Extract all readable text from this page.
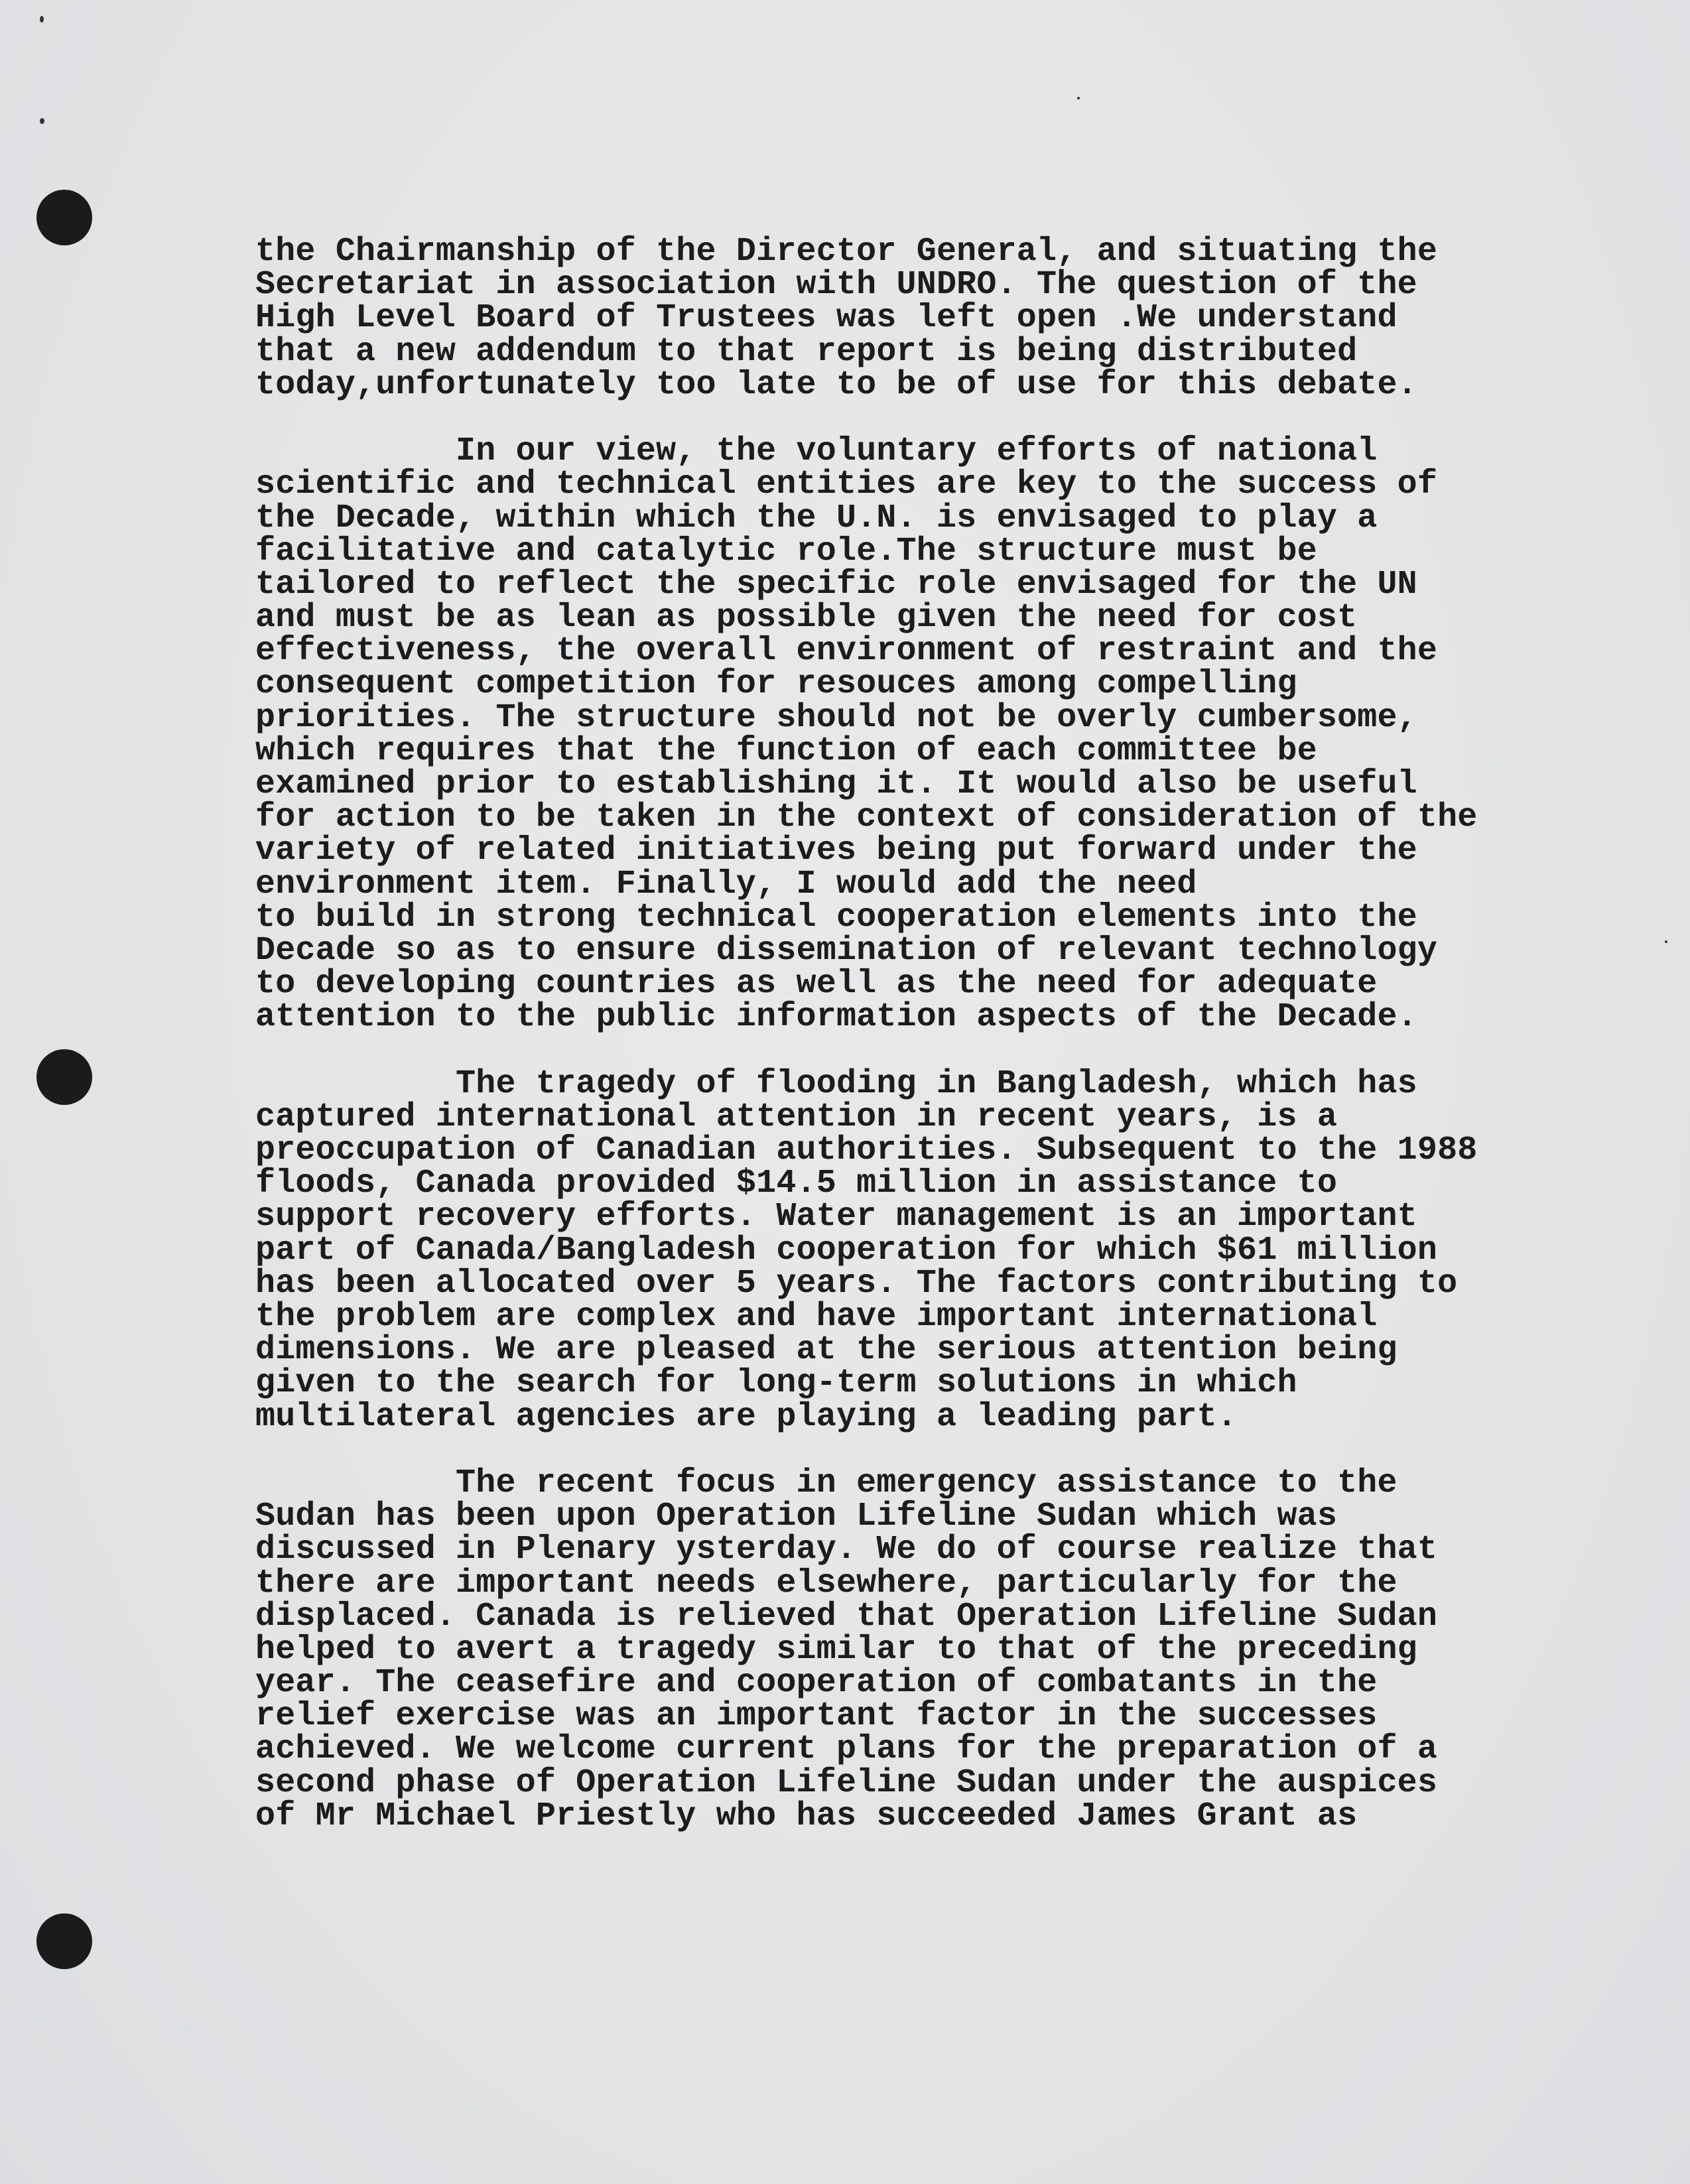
the Chairmanship of the Director General, and situating the
Secretariat in association with UNDRO. The question of the
High Level Board of Trustees was left open .We understand
that a new addendum to that report is being distributed
today,unfortunately too late to be of use for this debate.
In our view, the voluntary efforts of national
scientific and technical entities are key to the success of
the Decade, within which the U.N. is envisaged to play a
facilitative and catalytic role.The structure must be
tailored to reflect the specific role envisaged for the UN
and must be as lean as possible given the need for cost
effectiveness, the overall environment of restraint and the
consequent competition for resouces among compelling
priorities. The structure should not be overly cumbersome,
which requires that the function of each committee be
examined prior to establishing it. It would also be useful
for action to be taken in the context of consideration of the
variety of related initiatives being put forward under the
environment item. Finally, I would add the need
to build in strong technical cooperation elements into the
Decade so as to ensure dissemination of relevant technology
to developing countries as well as the need for adequate
attention to the public information aspects of the Decade.
The tragedy of flooding in Bangladesh, which has
captured international attention in recent years, is a
preoccupation of Canadian authorities. Subsequent to the 1988
floods, Canada provided $14.5 million in assistance to
support recovery efforts. Water management is an important
part of Canada/Bangladesh cooperation for which $61 million
has been allocated over 5 years. The factors contributing to
the problem are complex and have important international
dimensions. We are pleased at the serious attention being
given to the search for long-term solutions in which
multilateral agencies are playing a leading part.
The recent focus in emergency assistance to the
Sudan has been upon Operation Lifeline Sudan which was
discussed in Plenary ysterday. We do of course realize that
there are important needs elsewhere, particularly for the
displaced. Canada is relieved that Operation Lifeline Sudan
helped to avert a tragedy similar to that of the preceding
year. The ceasefire and cooperation of combatants in the
relief exercise was an important factor in the successes
achieved. We welcome current plans for the preparation of a
second phase of Operation Lifeline Sudan under the auspices
of Mr Michael Priestly who has succeeded James Grant as
